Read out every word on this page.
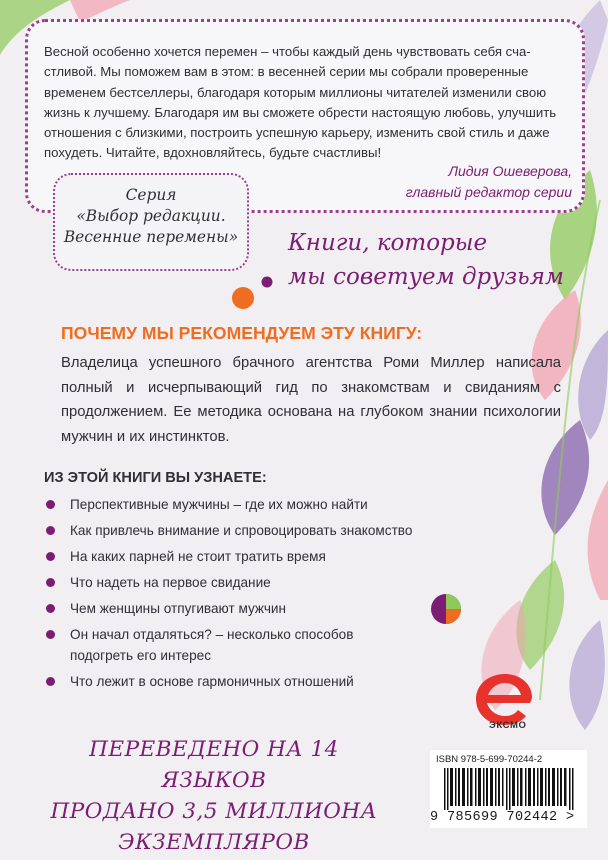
Весной особенно хочется перемен – чтобы каждый день чувствовать себя сча-
стливой. Мы поможем вам в этом: в весенней серии мы собрали проверенные
временем бестселлеры, благодаря которым миллионы читателей изменили свою
жизнь к лучшему. Благодаря им вы сможете обрести настоящую любовь, улучшить
отношения с близкими, построить успешную карьеру, изменить свой стиль и даже
похудеть. Читайте, вдохновляйтесь, будьте счастливы!
Лидия Ошеверова,
главный редактор серии
Серия
«Выбор редакции.
Весенние перемены»	Книги, которые
мы советуем друзьям
ПОЧЕМУ МЫ РЕКОМЕНДУЕМ ЭТУ КНИГУ:
Владелица успешного брачного агентства Роми Миллер написала полный и исчерпывающий гид по знакомствам и свиданиям с продолжением. Ее методика основана на глубоком знании психологии мужчин и их инстинктов.
ИЗ ЭТОЙ КНИГИ ВЫ УЗНАЕТЕ:
Перспективные мужчины – где их можно найти
Как привлечь внимание и спровоцировать знакомство
На каких парней не стоит тратить время
Что надеть на первое свидание
Чем женщины отпугивают мужчин
Он начал отдаляться? – несколько способов подогреть его интерес
Что лежит в основе гармоничных отношений
ПЕРЕВЕДЕНО НА 14 ЯЗЫКОВ
ПРОДАНО 3,5 МИЛЛИОНА
ЭКЗЕМПЛЯРОВ
ЭКСМО
ISBN 978-5-699-70244-2
9 785699 702442 >
